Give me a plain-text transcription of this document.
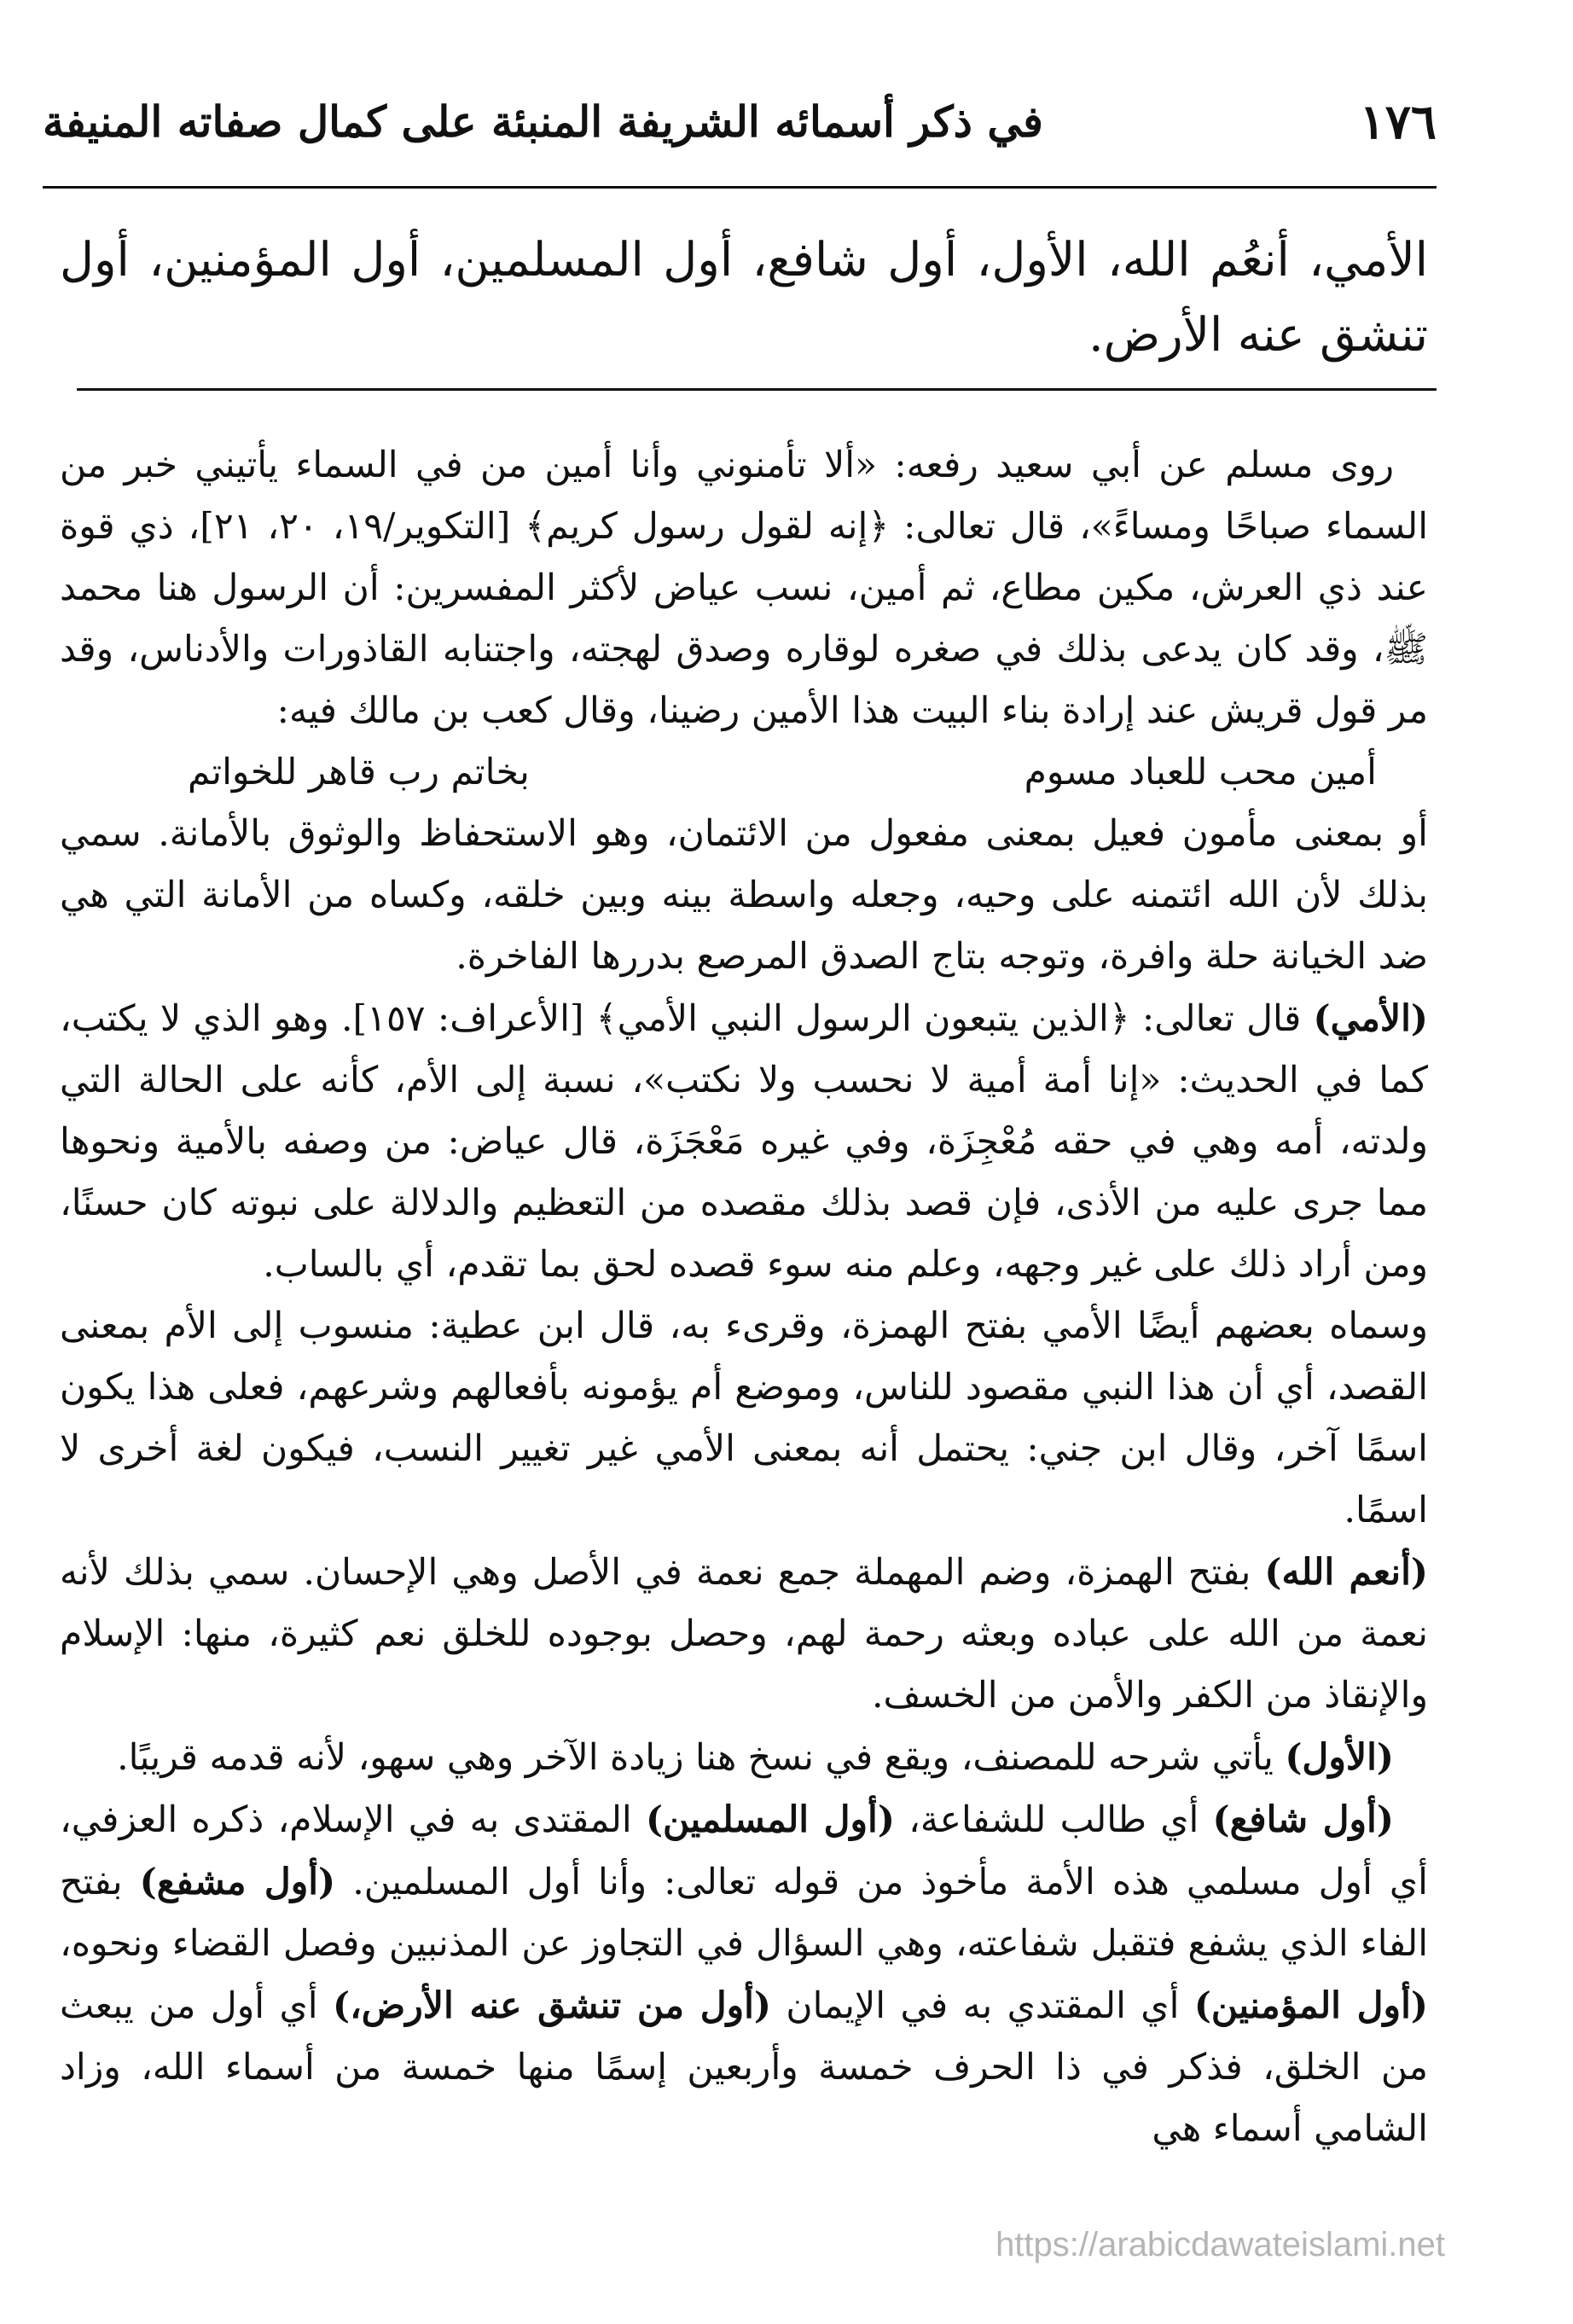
١٧٦
في ذكر أسمائه الشريفة المنبئة على كمال صفاته المنيفة
الأمي، أنعُم الله، الأول، أول شافع، أول المسلمين، أول المؤمنين، أول تنشق عنه الأرض.

روى مسلم عن أبي سعيد رفعه: «ألا تأمنوني وأنا أمين من في السماء يأتيني خبر من السماء صباحًا ومساءً»، قال تعالى: ﴿إنه لقول رسول كريم﴾ [التكوير/١٩، ٢٠، ٢١]، ذي قوة عند ذي العرش، مكين مطاع، ثم أمين، نسب عياض لأكثر المفسرين: أن الرسول هنا محمد ﷺ، وقد كان يدعى بذلك في صغره لوقاره وصدق لهجته، واجتنابه القاذورات والأدناس، وقد مر قول قريش عند إرادة بناء البيت هذا الأمين رضينا، وقال كعب بن مالك فيه:

أمين محب للعباد مسوم
بخاتم رب قاهر للخواتم

أو بمعنى مأمون فعيل بمعنى مفعول من الائتمان، وهو الاستحفاظ والوثوق بالأمانة. سمي بذلك لأن الله ائتمنه على وحيه، وجعله واسطة بينه وبين خلقه، وكساه من الأمانة التي هي ضد الخيانة حلة وافرة، وتوجه بتاج الصدق المرصع بدررها الفاخرة.

(الأمي) قال تعالى: ﴿الذين يتبعون الرسول النبي الأمي﴾ [الأعراف: ١٥٧]. وهو الذي لا يكتب، كما في الحديث: «إنا أمة أمية لا نحسب ولا نكتب»، نسبة إلى الأم، كأنه على الحالة التي ولدته، أمه وهي في حقه مُعْجِزَة، وفي غيره مَعْجَزَة، قال عياض: من وصفه بالأمية ونحوها مما جرى عليه من الأذى، فإن قصد بذلك مقصده من التعظيم والدلالة على نبوته كان حسنًا، ومن أراد ذلك على غير وجهه، وعلم منه سوء قصده لحق بما تقدم، أي بالساب.

وسماه بعضهم أيضًا الأمي بفتح الهمزة، وقرىء به، قال ابن عطية: منسوب إلى الأم بمعنى القصد، أي أن هذا النبي مقصود للناس، وموضع أم يؤمونه بأفعالهم وشرعهم، فعلى هذا يكون اسمًا آخر، وقال ابن جني: يحتمل أنه بمعنى الأمي غير تغيير النسب، فيكون لغة أخرى لا اسمًا.

(أنعم الله) بفتح الهمزة، وضم المهملة جمع نعمة في الأصل وهي الإحسان. سمي بذلك لأنه نعمة من الله على عباده وبعثه رحمة لهم، وحصل بوجوده للخلق نعم كثيرة، منها: الإسلام والإنقاذ من الكفر والأمن من الخسف.

(الأول) يأتي شرحه للمصنف، ويقع في نسخ هنا زيادة الآخر وهي سهو، لأنه قدمه قريبًا.

(أول شافع) أي طالب للشفاعة، (أول المسلمين) المقتدى به في الإسلام، ذكره العزفي، أي أول مسلمي هذه الأمة مأخوذ من قوله تعالى: وأنا أول المسلمين. (أول مشفع) بفتح الفاء الذي يشفع فتقبل شفاعته، وهي السؤال في التجاوز عن المذنبين وفصل القضاء ونحوه، (أول المؤمنين) أي المقتدي به في الإيمان (أول من تنشق عنه الأرض،) أي أول من يبعث من الخلق، فذكر في ذا الحرف خمسة وأربعين إسمًا منها خمسة من أسماء الله، وزاد الشامي أسماء هي

https://arabicdawateislami.net
